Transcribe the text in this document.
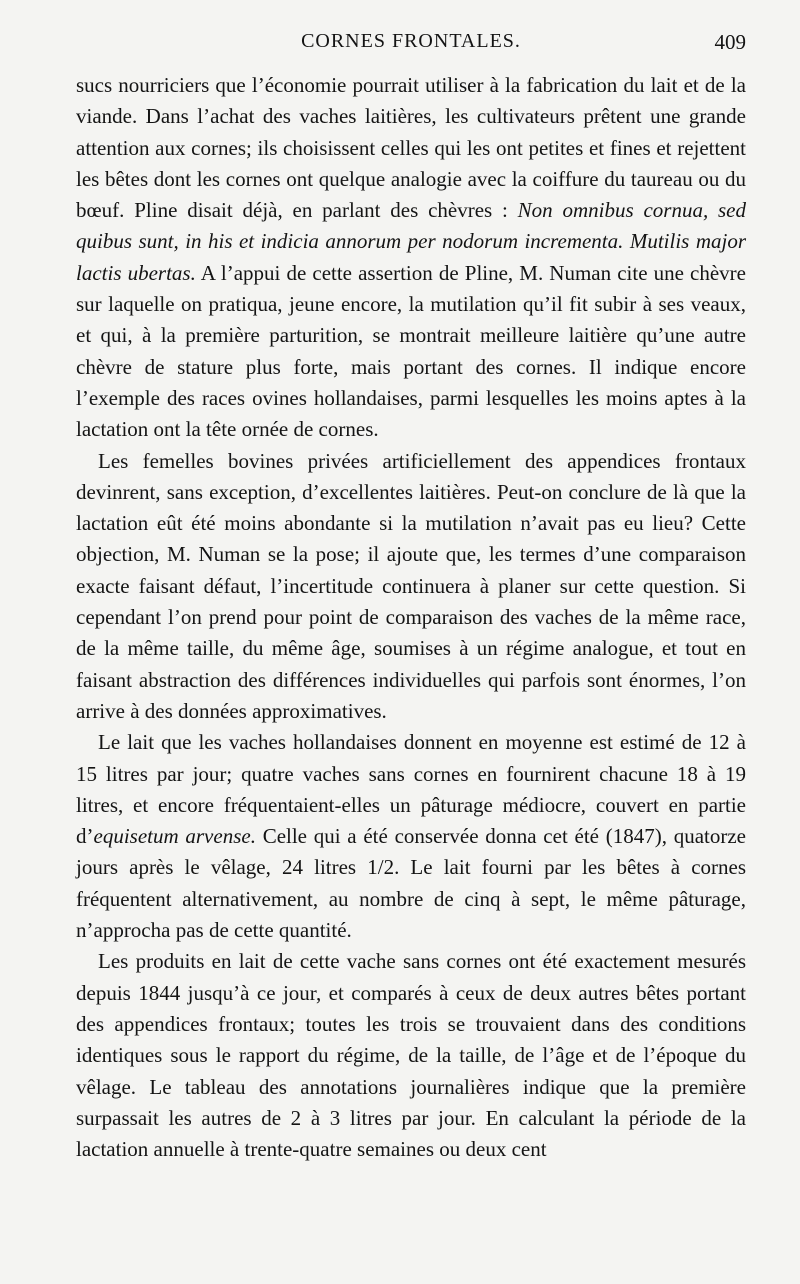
CORNES FRONTALES.	409

sucs nourriciers que l’économie pourrait utiliser à la fabrication du lait et de la viande. Dans l’achat des vaches laitières, les cultivateurs prêtent une grande attention aux cornes; ils choisissent celles qui les ont petites et fines et rejettent les bêtes dont les cornes ont quelque analogie avec la coiffure du taureau ou du bœuf. Pline disait déjà, en parlant des chèvres : Non omnibus cornua, sed quibus sunt, in his et indicia annorum per nodorum incrementa. Mutilis major lactis ubertas. A l’appui de cette assertion de Pline, M. Numan cite une chèvre sur laquelle on pratiqua, jeune encore, la mutilation qu’il fit subir à ses veaux, et qui, à la première parturition, se montrait meilleure laitière qu’une autre chèvre de stature plus forte, mais portant des cornes. Il indique encore l’exemple des races ovines hollandaises, parmi lesquelles les moins aptes à la lactation ont la tête ornée de cornes.

Les femelles bovines privées artificiellement des appendices frontaux devinrent, sans exception, d’excellentes laitières. Peut-on conclure de là que la lactation eût été moins abondante si la mutilation n’avait pas eu lieu? Cette objection, M. Numan se la pose; il ajoute que, les termes d’une comparaison exacte faisant défaut, l’incertitude continuera à planer sur cette question. Si cependant l’on prend pour point de comparaison des vaches de la même race, de la même taille, du même âge, soumises à un régime analogue, et tout en faisant abstraction des différences individuelles qui parfois sont énormes, l’on arrive à des données approximatives.

Le lait que les vaches hollandaises donnent en moyenne est estimé de 12 à 15 litres par jour; quatre vaches sans cornes en fournirent chacune 18 à 19 litres, et encore fréquentaient-elles un pâturage médiocre, couvert en partie d’equisetum arvense. Celle qui a été conservée donna cet été (1847), quatorze jours après le vêlage, 24 litres 1/2. Le lait fourni par les bêtes à cornes fréquentent alternativement, au nombre de cinq à sept, le même pâturage, n’approcha pas de cette quantité.

Les produits en lait de cette vache sans cornes ont été exactement mesurés depuis 1844 jusqu’à ce jour, et comparés à ceux de deux autres bêtes portant des appendices frontaux; toutes les trois se trouvaient dans des conditions identiques sous le rapport du régime, de la taille, de l’âge et de l’époque du vêlage. Le tableau des annotations journalières indique que la première surpassait les autres de 2 à 3 litres par jour. En calculant la période de la lactation annuelle à trente-quatre semaines ou deux cent
